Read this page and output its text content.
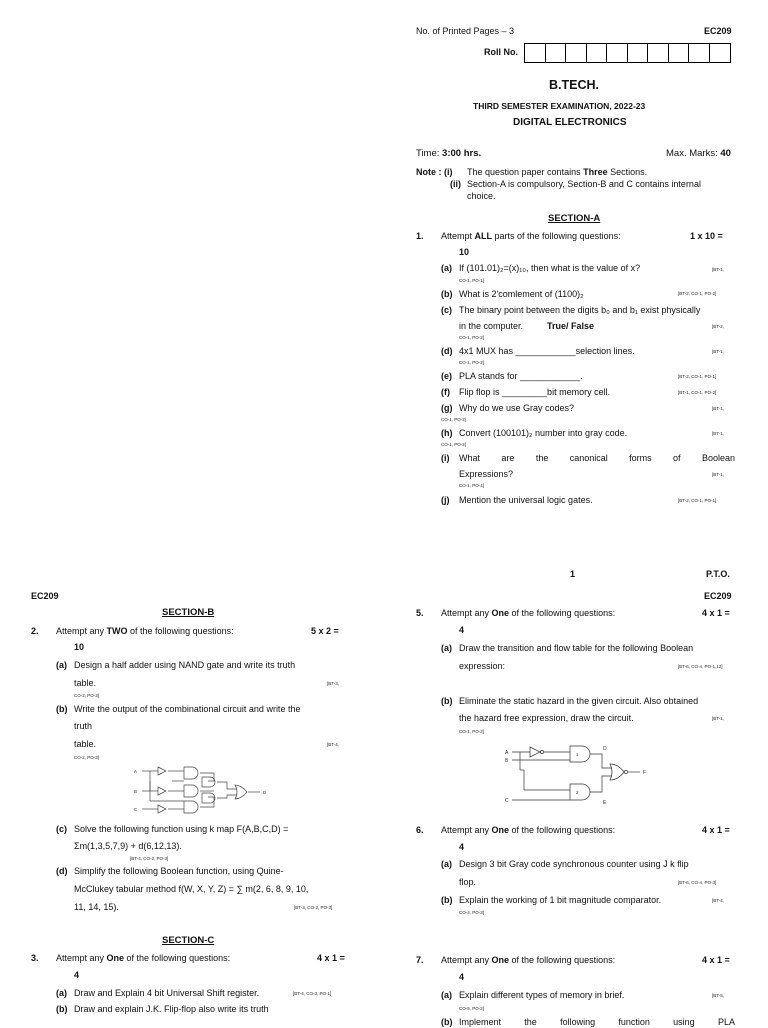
No. of Printed Pages – 3	EC209
Roll No.
B.TECH.
THIRD SEMESTER EXAMINATION, 2022-23
DIGITAL ELECTRONICS
Time: 3:00 hrs.	Max. Marks: 40
Note : (i) The question paper contains Three Sections.
(ii) Section-A is compulsory, Section-B and C contains internal
choice.
SECTION-A
1. Attempt ALL parts of the following questions:	1 x 10 =
10
(a) If (101.01)₂=(x)₁₀, then what is the value of x?	[BT-1,
CO-1, PO-1]
(b) What is 2'comlement of (1100)₂	[BT-2, CO-1, PO-2]
(c) The binary point between the digits b₀ and b₁ exist physically
in the computer.	True/ False	[BT-2,
CO-1, PO-2]
(d) 4x1 MUX has ____________selection lines.	[BT-1,
CO-1, PO-2]
(e) PLA stands for ____________.	[BT-2, CO-1, PO-1]
(f) Flip flop is _________bit memory cell.	[BT-1, CO-1, PO-2]
(g) Why do we use Gray codes?	[BT-1,
CO-1, PO-2]
(h) Convert (100101)₂ number into gray code.	[BT-1,
CO-1, PO-2]
(i) What are the canonical forms of Boolean
Expressions?	[BT-1,
CO-1, PO-4]
(j) Mention the universal logic gates.	[BT-2, CO-1, PO-1]
1	P.T.O.
EC209
SECTION-B
2. Attempt any TWO of the following questions:	5 x 2 =
10
(a) Design a half adder using NAND gate and write its truth
table.	[BT-3,
CO-2, PO-3]
(b) Write the output of the combinational circuit and write the
truth
table.	[BT-4,
CO-2, PO-3]
A
B
C
D
(c) Solve the following function using k map F(A,B,C,D) =
Σm(1,3,5,7,9) + d(6,12,13).
[BT-4, CO-2, PO-3]
(d) Simplify the following Boolean function, using Quine-
McClukey tabular method f(W, X, Y, Z) = ∑ m(2, 6, 8, 9, 10,
11, 14, 15).	[BT-3, CO-2, PO-3]
SECTION-C
3. Attempt any One of the following questions:	4 x 1 =
4
(a) Draw and Explain 4 bit Universal Shift register.	[BT-4, CO-3, PO-1]
(b) Draw and explain J.K. Flip-flop also write its truth
EC209
5. Attempt any One of the following questions:	4 x 1 =
4
(a) Draw the transition and flow table for the following Boolean
expression:	[BT-6, CO-4, PO-1,12]
(b) Eliminate the static hazard in the given circuit. Also obtained
the hazard free expression, draw the circuit.	[BT-1,
CO-1, PO-2]
A
B
C
D
E
F
1
2
6. Attempt any One of the following questions:	4 x 1 =
4
(a) Design 3 bit Gray code synchronous counter using J k flip
flop.	[BT-6, CO-4, PO-3]
(b) Explain the working of 1 bit magnitude comparator.	[BT-4,
CO-4, PO-3]
7. Attempt any One of the following questions:	4 x 1 =
4
(a) Explain different types of memory in brief.	[BT-5,
CO-5, PO-2]
(b) Implement	the	following	function	using	PLA
